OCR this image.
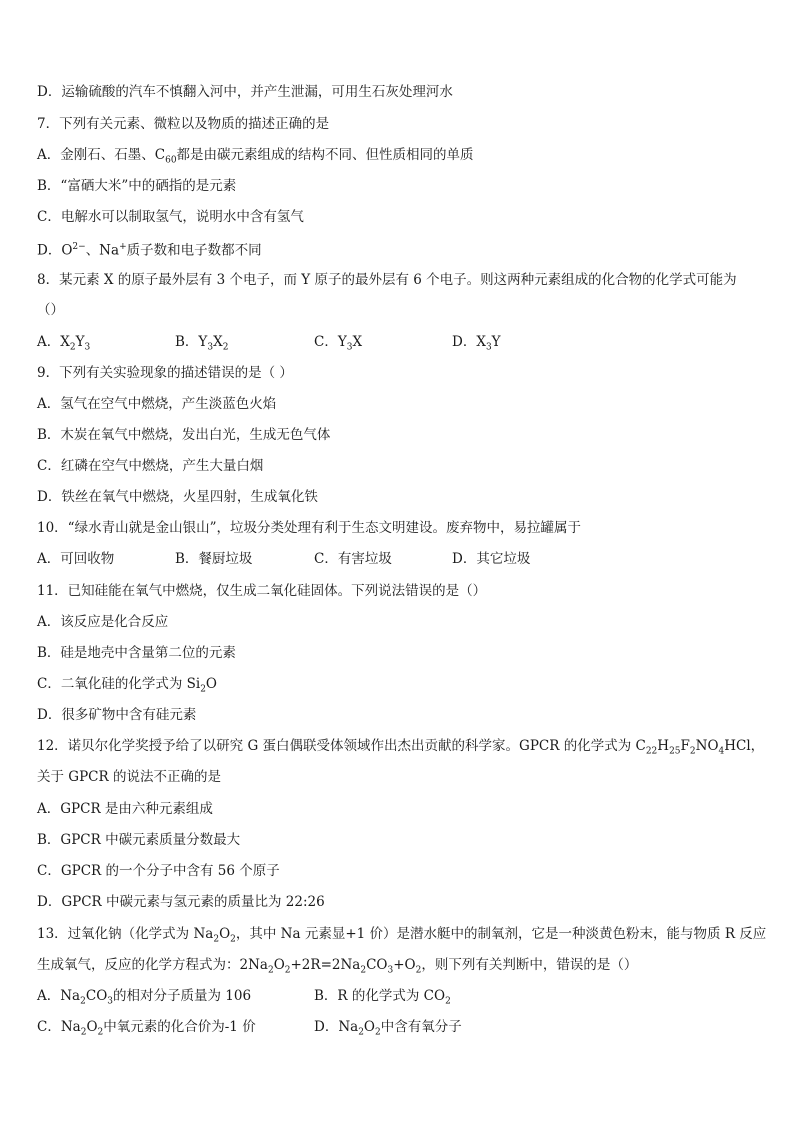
D．运输硫酸的汽车不慎翻入河中，并产生泄漏，可用生石灰处理河水
7．下列有关元素、微粒以及物质的描述正确的是
A．金刚石、石墨、$C_{60}$都是由碳元素组成的结构不同、但性质相同的单质
B．“富硒大米”中的硒指的是元素
C．电解水可以制取氢气，说明水中含有氢气
D．$O^{2-}$、Na+质子数和电子数都不同
8．某元素 X 的原子最外层有 3 个电子，而 Y 原子的最外层有 6 个电子。则这两种元素组成的化合物的化学式可能为
（）
A．$X_2Y_3$	B．$Y_3X_2$	C．$Y_3X$	D．$X_3Y$
9．下列有关实验现象的描述错误的是（ ）
A．氢气在空气中燃烧，产生淡蓝色火焰
B．木炭在氧气中燃烧，发出白光，生成无色气体
C．红磷在空气中燃烧，产生大量白烟
D．铁丝在氧气中燃烧，火星四射，生成氧化铁
10．“绿水青山就是金山银山”，垃圾分类处理有利于生态文明建设。废弃物中，易拉罐属于
A．可回收物	B．餐厨垃圾	C．有害垃圾	D．其它垃圾
11．已知硅能在氧气中燃烧，仅生成二氧化硅固体。下列说法错误的是（）
A．该反应是化合反应
B．硅是地壳中含量第二位的元素
C．二氧化硅的化学式为 $Si_2O$
D．很多矿物中含有硅元素
12．诺贝尔化学奖授予给了以研究 G 蛋白偶联受体领域作出杰出贡献的科学家。GPCR 的化学式为 $C_{22}H_{25}F_2NO_4HCl$，
关于 GPCR 的说法不正确的是
A．GPCR 是由六种元素组成
B．GPCR 中碳元素质量分数最大
C．GPCR 的一个分子中含有 56 个原子
D．GPCR 中碳元素与氢元素的质量比为 22:26
13．过氧化钠（化学式为 $Na_2O_2$，其中 Na 元素显+1 价）是潜水艇中的制氧剂，它是一种淡黄色粉末，能与物质 R 反应
生成氧气，反应的化学方程式为：$2Na_2O_2+2R=2Na_2CO_3+O_2$，则下列有关判断中，错误的是（）
A．$Na_2CO_3$的相对分子质量为 106	B．R 的化学式为 $CO_2$
C．$Na_2O_2$中氧元素的化合价为-1 价	D．$Na_2O_2$中含有氧分子
